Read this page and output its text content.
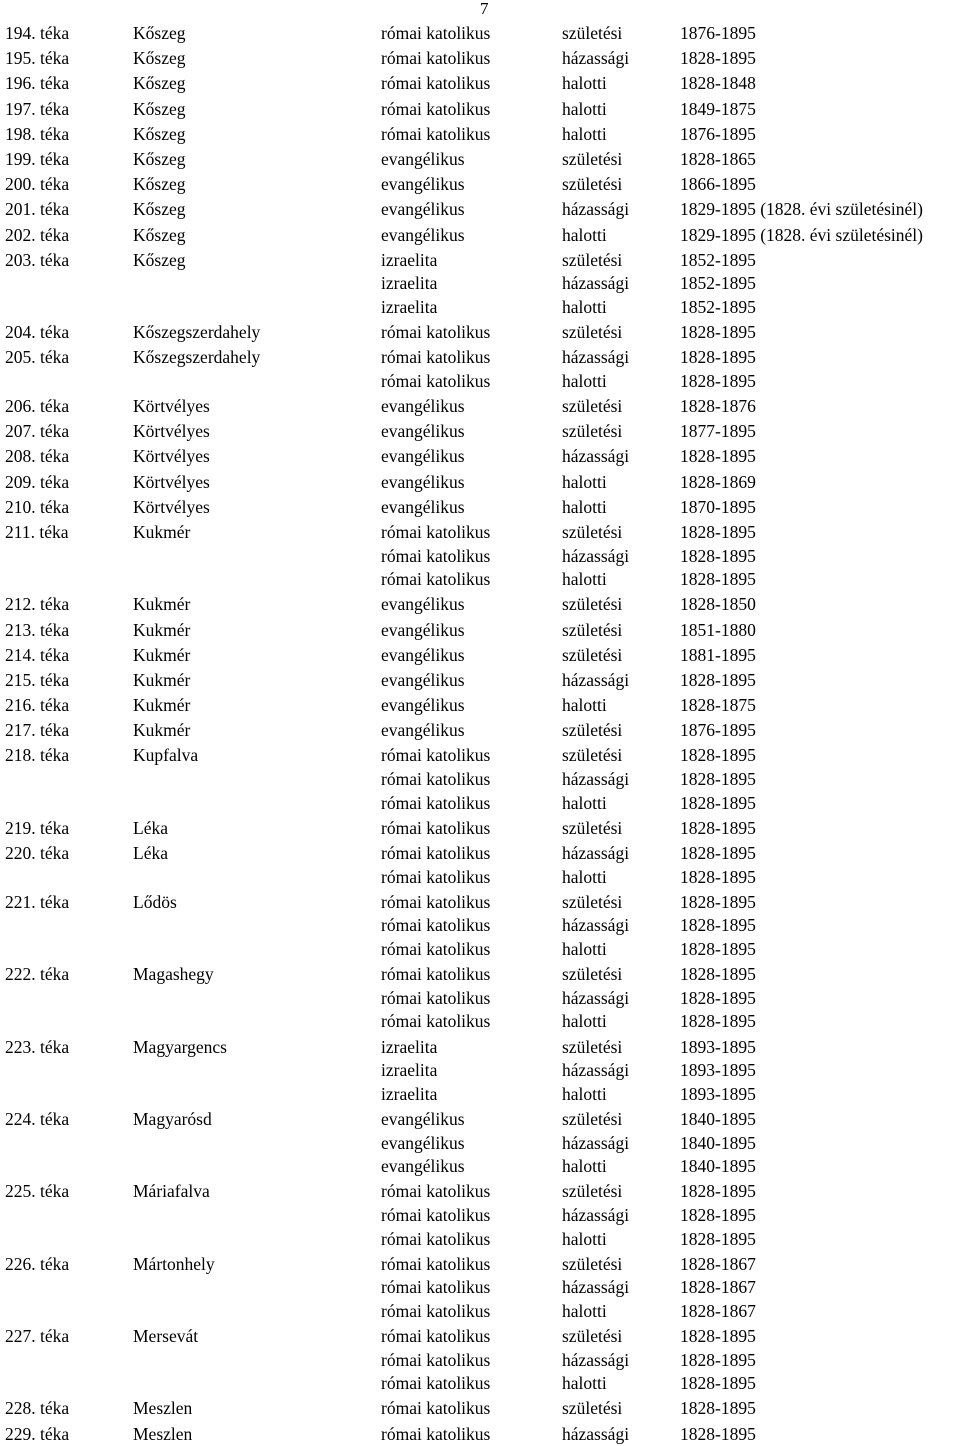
7
194. téka	Kőszeg	római katolikus	születési	1876-1895
195. téka	Kőszeg	római katolikus	házassági	1828-1895
196. téka	Kőszeg	római katolikus	halotti	1828-1848
197. téka	Kőszeg	római katolikus	halotti	1849-1875
198. téka	Kőszeg	római katolikus	halotti	1876-1895
199. téka	Kőszeg	evangélikus	születési	1828-1865
200. téka	Kőszeg	evangélikus	születési	1866-1895
201. téka	Kőszeg	evangélikus	házassági	1829-1895 (1828. évi születésinél)
202. téka	Kőszeg	evangélikus	halotti	1829-1895 (1828. évi születésinél)
203. téka	Kőszeg	izraelita	születési	1852-1895
izraelita	házassági	1852-1895
izraelita	halotti	1852-1895
204. téka	Kőszegszerdahely	római katolikus	születési	1828-1895
205. téka	Kőszegszerdahely	római katolikus	házassági	1828-1895
római katolikus	halotti	1828-1895
206. téka	Körtvélyes	evangélikus	születési	1828-1876
207. téka	Körtvélyes	evangélikus	születési	1877-1895
208. téka	Körtvélyes	evangélikus	házassági	1828-1895
209. téka	Körtvélyes	evangélikus	halotti	1828-1869
210. téka	Körtvélyes	evangélikus	halotti	1870-1895
211. téka	Kukmér	római katolikus	születési	1828-1895
római katolikus	házassági	1828-1895
római katolikus	halotti	1828-1895
212. téka	Kukmér	evangélikus	születési	1828-1850
213. téka	Kukmér	evangélikus	születési	1851-1880
214. téka	Kukmér	evangélikus	születési	1881-1895
215. téka	Kukmér	evangélikus	házassági	1828-1895
216. téka	Kukmér	evangélikus	halotti	1828-1875
217. téka	Kukmér	evangélikus	születési	1876-1895
218. téka	Kupfalva	római katolikus	születési	1828-1895
római katolikus	házassági	1828-1895
római katolikus	halotti	1828-1895
219. téka	Léka	római katolikus	születési	1828-1895
220. téka	Léka	római katolikus	házassági	1828-1895
római katolikus	halotti	1828-1895
221. téka	Lődös	római katolikus	születési	1828-1895
római katolikus	házassági	1828-1895
római katolikus	halotti	1828-1895
222. téka	Magashegy	római katolikus	születési	1828-1895
római katolikus	házassági	1828-1895
római katolikus	halotti	1828-1895
223. téka	Magyargencs	izraelita	születési	1893-1895
izraelita	házassági	1893-1895
izraelita	halotti	1893-1895
224. téka	Magyarósd	evangélikus	születési	1840-1895
evangélikus	házassági	1840-1895
evangélikus	halotti	1840-1895
225. téka	Máriafalva	római katolikus	születési	1828-1895
római katolikus	házassági	1828-1895
római katolikus	halotti	1828-1895
226. téka	Mártonhely	római katolikus	születési	1828-1867
római katolikus	házassági	1828-1867
római katolikus	halotti	1828-1867
227. téka	Mersevát	római katolikus	születési	1828-1895
római katolikus	házassági	1828-1895
római katolikus	halotti	1828-1895
228. téka	Meszlen	római katolikus	születési	1828-1895
229. téka	Meszlen	római katolikus	házassági	1828-1895
